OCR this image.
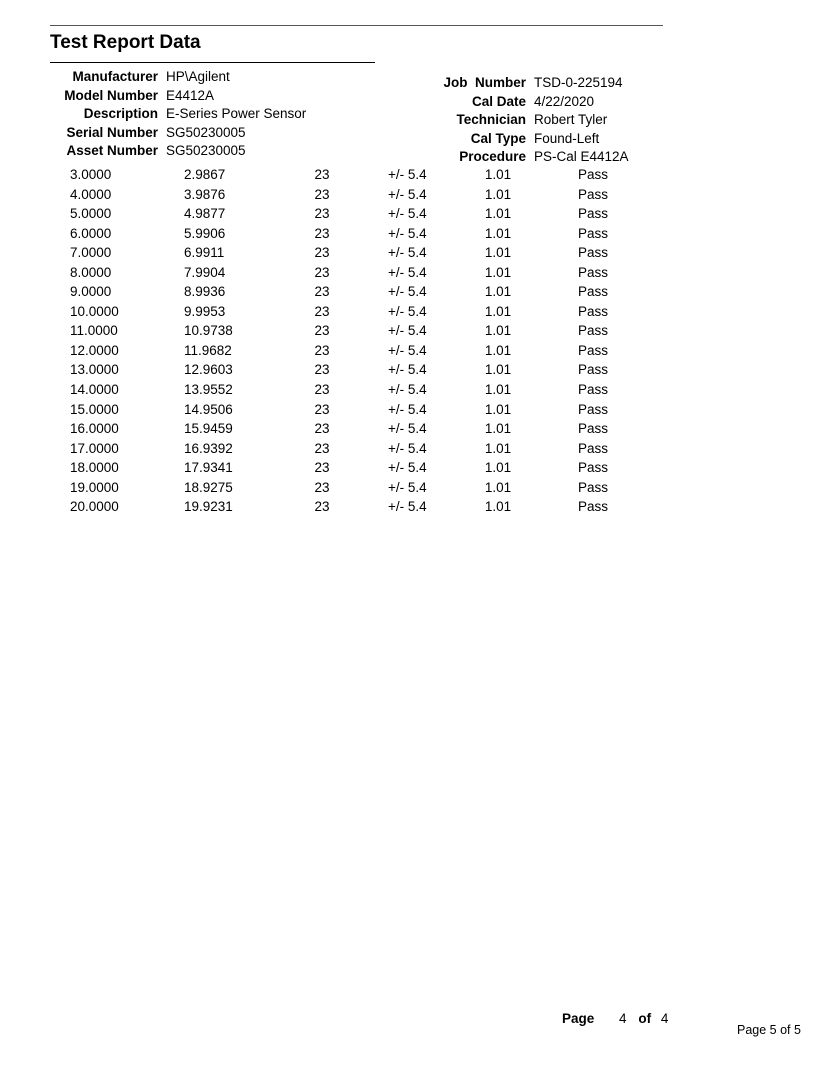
Test Report Data
Manufacturer HP\Agilent
Model Number E4412A
Description E-Series Power Sensor
Serial Number SG50230005
Asset Number SG50230005
Job  Number TSD-0-225194
Cal Date 4/22/2020
Technician Robert Tyler
Cal Type Found-Left
Procedure PS-Cal E4412A
3.0000	2.9867	23	+/- 5.4	1.01	Pass
4.0000	3.9876	23	+/- 5.4	1.01	Pass
5.0000	4.9877	23	+/- 5.4	1.01	Pass
6.0000	5.9906	23	+/- 5.4	1.01	Pass
7.0000	6.9911	23	+/- 5.4	1.01	Pass
8.0000	7.9904	23	+/- 5.4	1.01	Pass
9.0000	8.9936	23	+/- 5.4	1.01	Pass
10.0000	9.9953	23	+/- 5.4	1.01	Pass
11.0000	10.9738	23	+/- 5.4	1.01	Pass
12.0000	11.9682	23	+/- 5.4	1.01	Pass
13.0000	12.9603	23	+/- 5.4	1.01	Pass
14.0000	13.9552	23	+/- 5.4	1.01	Pass
15.0000	14.9506	23	+/- 5.4	1.01	Pass
16.0000	15.9459	23	+/- 5.4	1.01	Pass
17.0000	16.9392	23	+/- 5.4	1.01	Pass
18.0000	17.9341	23	+/- 5.4	1.01	Pass
19.0000	18.9275	23	+/- 5.4	1.01	Pass
20.0000	19.9231	23	+/- 5.4	1.01	Pass
Page 4 of 4
Page 5 of 5
